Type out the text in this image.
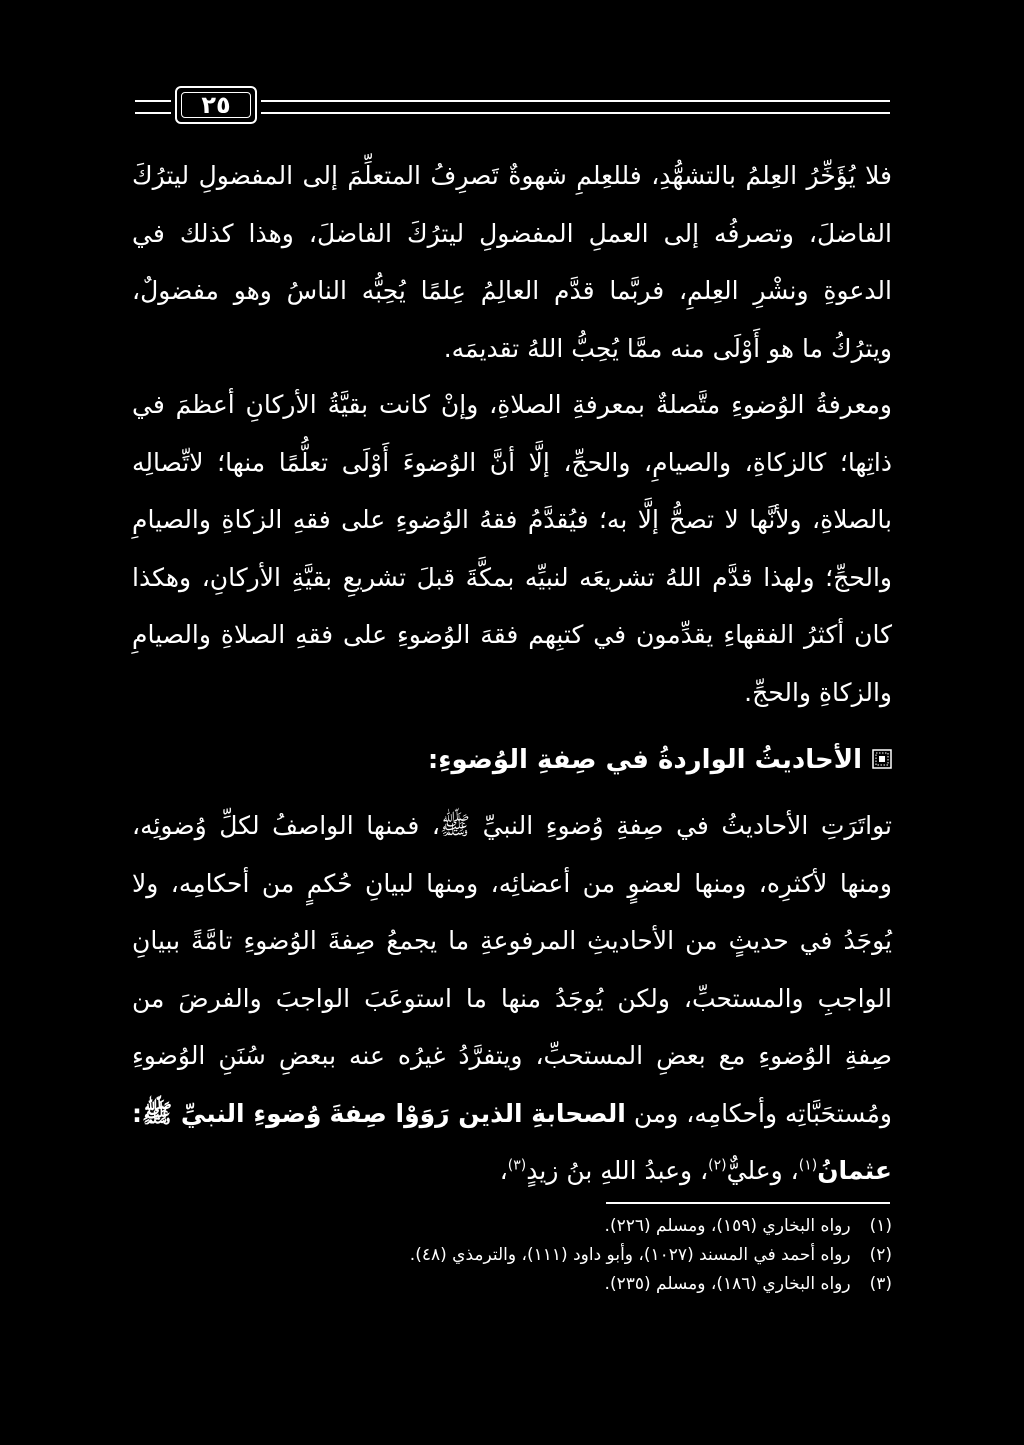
٢٥

فلا يُؤَخِّرُ العِلمُ بالتشهُّدِ، فللعِلمِ شهوةٌ تَصرِفُ المتعلِّمَ إلى المفضولِ ليترُكَ الفاضلَ، وتصرفُه إلى العملِ المفضولِ ليترُكَ الفاضلَ، وهذا كذلك في الدعوةِ ونشْرِ العِلمِ، فربَّما قدَّم العالِمُ عِلمًا يُحِبُّه الناسُ وهو مفضولٌ، ويترُكُ ما هو أَوْلَى منه ممَّا يُحِبُّ اللهُ تقديمَه.

ومعرفةُ الوُضوءِ متَّصلةٌ بمعرفةِ الصلاةِ، وإنْ كانت بقيَّةُ الأركانِ أعظمَ في ذاتِها؛ كالزكاةِ، والصيامِ، والحجِّ، إلَّا أنَّ الوُضوءَ أَوْلَى تعلُّمًا منها؛ لاتِّصالِه بالصلاةِ، ولأنَّها لا تصحُّ إلَّا به؛ فيُقدَّمُ فقهُ الوُضوءِ على فقهِ الزكاةِ والصيامِ والحجِّ؛ ولهذا قدَّم اللهُ تشريعَه لنبيِّه بمكَّةَ قبلَ تشريعِ بقيَّةِ الأركانِ، وهكذا كان أكثرُ الفقهاءِ يقدِّمون في كتبِهم فقهَ الوُضوءِ على فقهِ الصلاةِ والصيامِ والزكاةِ والحجِّ.

الأحاديثُ الواردةُ في صِفةِ الوُضوءِ:

تواتَرَتِ الأحاديثُ في صِفةِ وُضوءِ النبيِّ ﷺ، فمنها الواصفُ لكلِّ وُضوئِه، ومنها لأكثرِه، ومنها لعضوٍ من أعضائِه، ومنها لبيانِ حُكمٍ من أحكامِه، ولا يُوجَدُ في حديثٍ من الأحاديثِ المرفوعةِ ما يجمعُ صِفةَ الوُضوءِ تامَّةً ببيانِ الواجبِ والمستحبِّ، ولكن يُوجَدُ منها ما استوعَبَ الواجبَ والفرضَ من صِفةِ الوُضوءِ مع بعضِ المستحبِّ، ويتفرَّدُ غيرُه عنه ببعضِ سُنَنِ الوُضوءِ ومُستحَبَّاتِه وأحكامِه، ومن الصحابةِ الذين رَوَوْا صِفةَ وُضوءِ النبيِّ ﷺ: عثمانُ$^{(١)}$، وعليٌّ$^{(٢)}$، وعبدُ اللهِ بنُ زيدٍ$^{(٣)}$،

(١) رواه البخاري (١٥٩)، ومسلم (٢٢٦).
(٢) رواه أحمد في المسند (١٠٢٧)، وأبو داود (١١١)، والترمذي (٤٨).
(٣) رواه البخاري (١٨٦)، ومسلم (٢٣٥).
